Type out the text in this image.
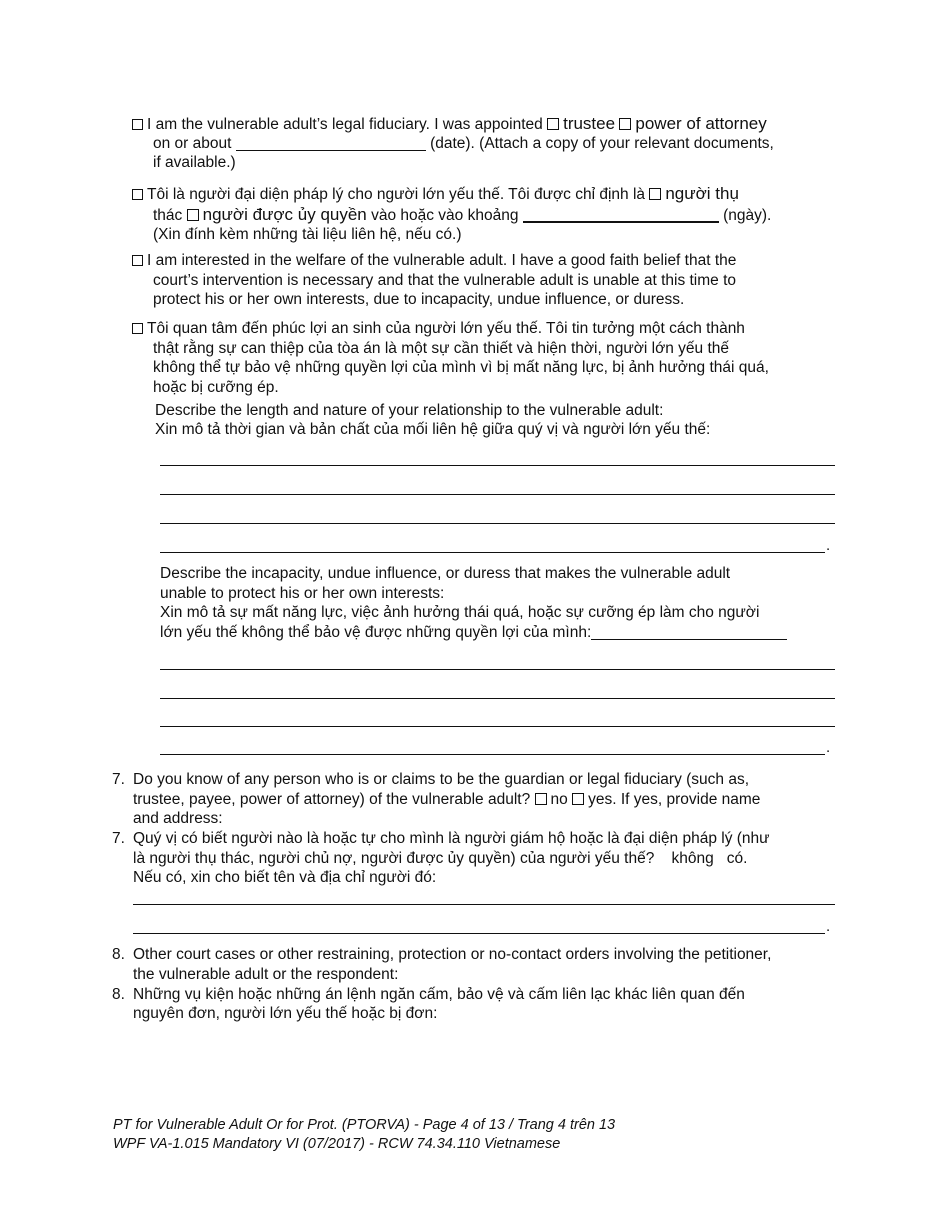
I am the vulnerable adult’s legal fiduciary. I was appointed trustee power of attorney
on or about	(date). (Attach a copy of your relevant documents,
if available.)
Tôi là người đại diện pháp lý cho người lớn yếu thế. Tôi được chỉ định là người thụ
thác người được ủy quyền vào hoặc vào khoảng	(ngày).
(Xin đính kèm những tài liệu liên hệ, nếu có.)
I am interested in the welfare of the vulnerable adult. I have a good faith belief that the
court’s intervention is necessary and that the vulnerable adult is unable at this time to
protect his or her own interests, due to incapacity, undue influence, or duress.
Tôi quan tâm đến phúc lợi an sinh của người lớn yếu thế. Tôi tin tưởng một cách thành
thật rằng sự can thiệp của tòa án là một sự cần thiết và hiện thời, người lớn yếu thế
không thể tự bảo vệ những quyền lợi của mình vì bị mất năng lực, bị ảnh hưởng thái quá,
hoặc bị cưỡng ép.
Describe the length and nature of your relationship to the vulnerable adult:
Xin mô tả thời gian và bản chất của mối liên hệ giữa quý vị và người lớn yếu thế:
.
Describe the incapacity, undue influence, or duress that makes the vulnerable adult
unable to protect his or her own interests:
Xin mô tả sự mất năng lực, việc ảnh hưởng thái quá, hoặc sự cưỡng ép làm cho người
lớn yếu thế không thể bảo vệ được những quyền lợi của mình:
.
7. Do you know of any person who is or claims to be the guardian or legal fiduciary (such as,
trustee, payee, power of attorney) of the vulnerable adult? no yes. If yes, provide name
and address:
7. Quý vị có biết người nào là hoặc tự cho mình là người giám hộ hoặc là đại diện pháp lý (như
là người thụ thác, người chủ nợ, người được ủy quyền) của người yếu thế? không có.
Nếu có, xin cho biết tên và địa chỉ người đó:
.
8. Other court cases or other restraining, protection or no-contact orders involving the petitioner,
the vulnerable adult or the respondent:
8. Những vụ kiện hoặc những án lệnh ngăn cấm, bảo vệ và cấm liên lạc khác liên quan đến
nguyên đơn, người lớn yếu thế hoặc bị đơn:
PT for Vulnerable Adult Or for Prot. (PTORVA) - Page 4 of 13 / Trang 4 trên 13
WPF VA-1.015 Mandatory VI (07/2017) - RCW 74.34.110 Vietnamese
